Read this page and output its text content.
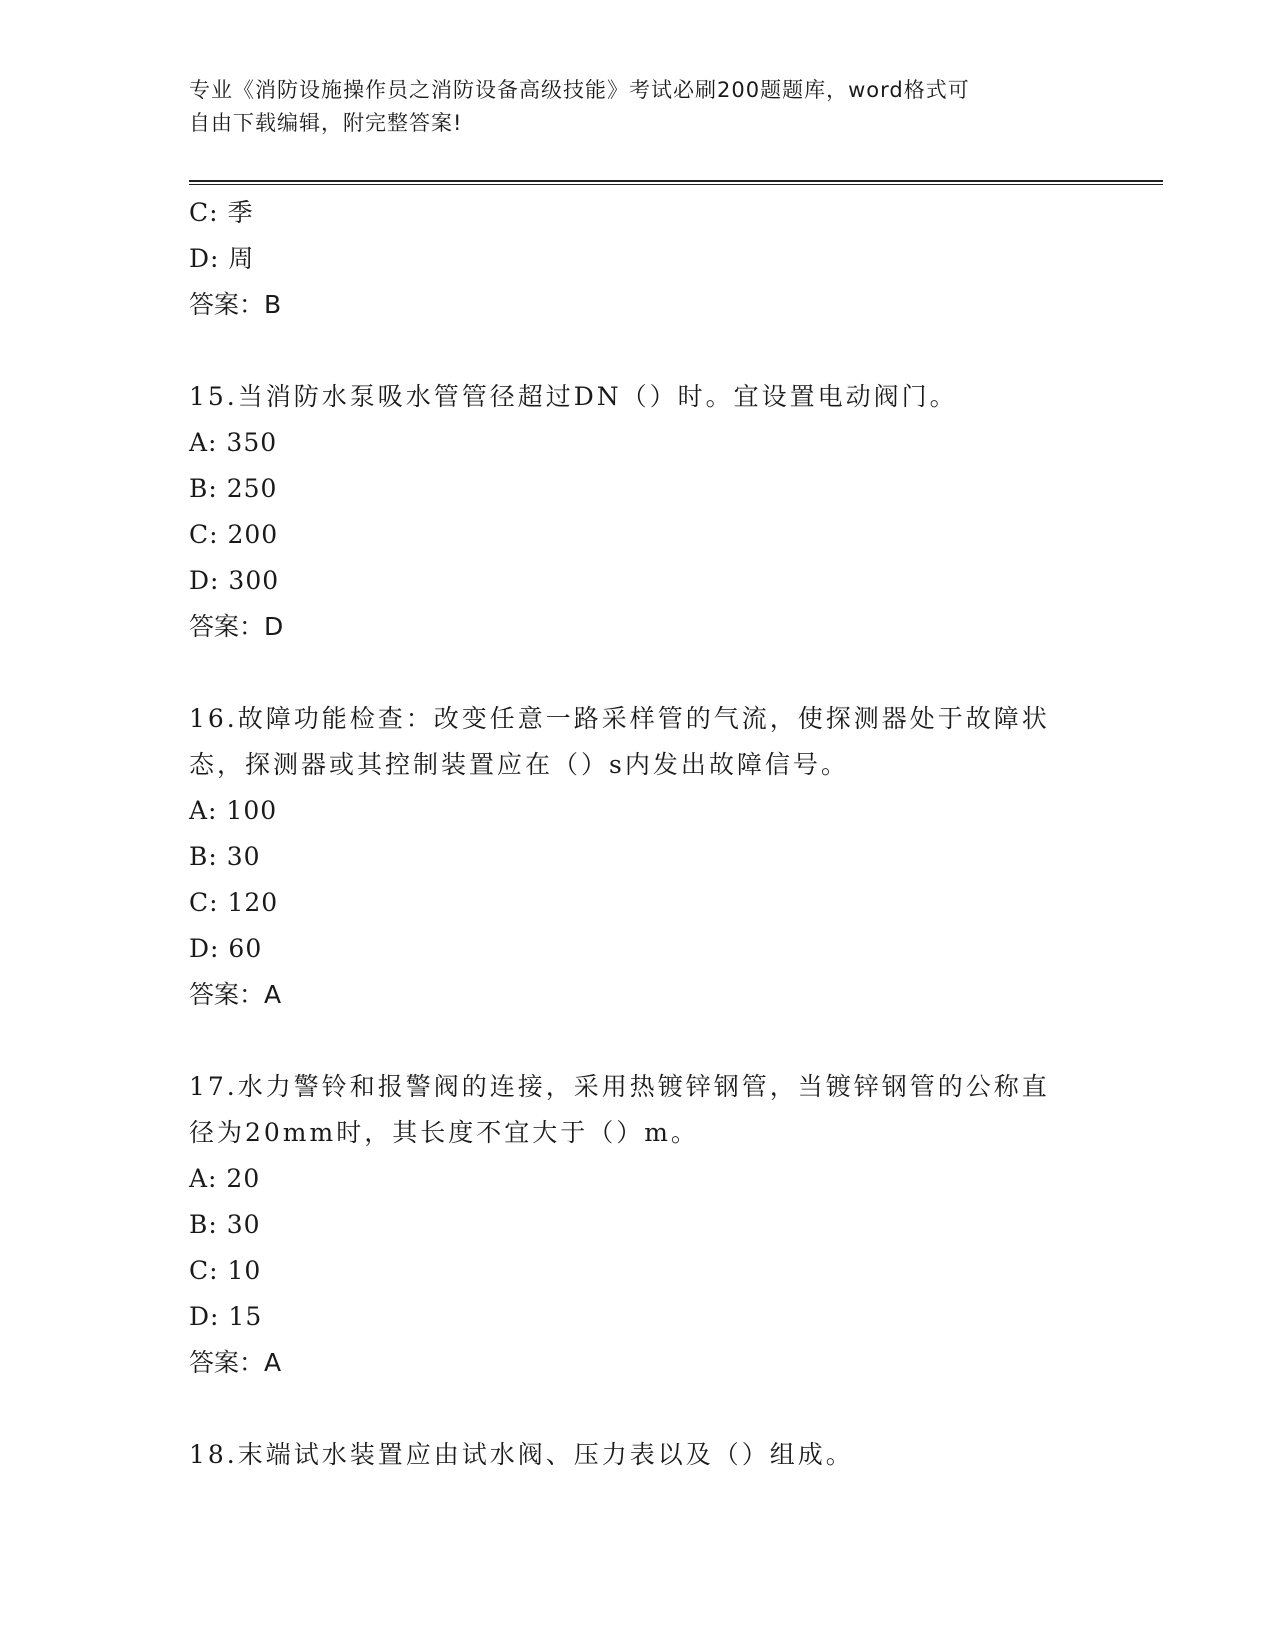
专业《消防设施操作员之消防设备高级技能》考试必刷200题题库，word格式可
自由下载编辑，附完整答案!
C: 季
D: 周
答案：B
15.当消防水泵吸水管管径超过DN（）时。宜设置电动阀门。
A: 350
B: 250
C: 200
D: 300
答案：D
16.故障功能检查：改变任意一路采样管的气流，使探测器处于故障状
态，探测器或其控制装置应在（）s内发出故障信号。
A: 100
B: 30
C: 120
D: 60
答案：A
17.水力警铃和报警阀的连接，采用热镀锌钢管，当镀锌钢管的公称直
径为20mm时，其长度不宜大于（）m。
A: 20
B: 30
C: 10
D: 15
答案：A
18.末端试水装置应由试水阀、压力表以及（）组成。
